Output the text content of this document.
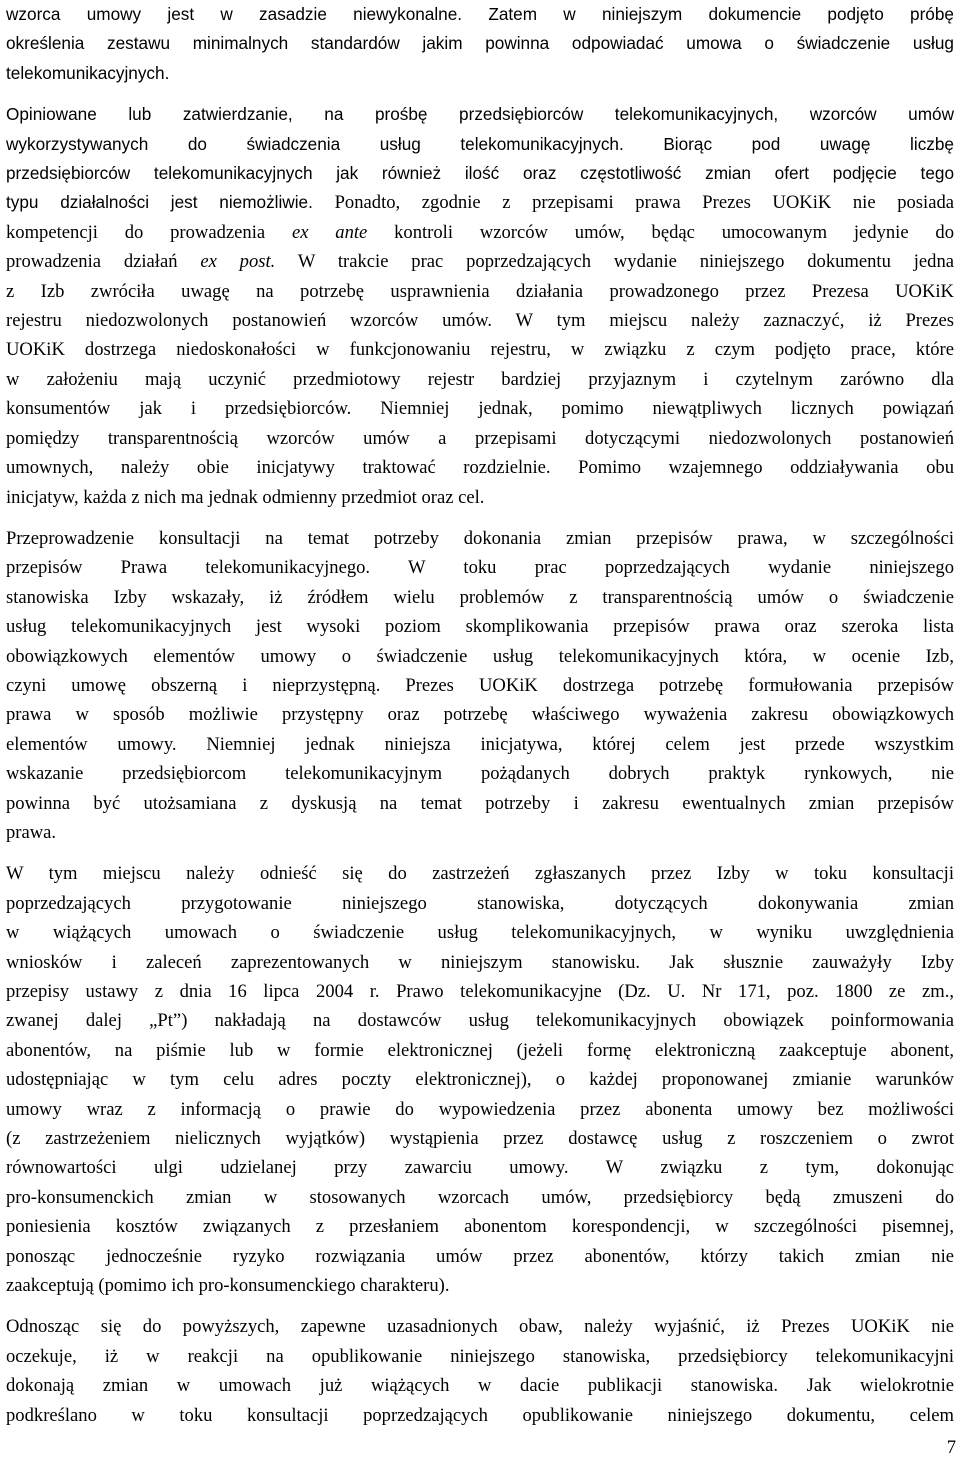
wzorca umowy jest w zasadzie niewykonalne. Zatem w niniejszym dokumencie podjęto próbę
określenia zestawu minimalnych standardów jakim powinna odpowiadać umowa o świadczenie usług
telekomunikacyjnych.
Opiniowane lub zatwierdzanie, na prośbę przedsiębiorców telekomunikacyjnych, wzorców umów
wykorzystywanych do świadczenia usług telekomunikacyjnych. Biorąc pod uwagę liczbę
przedsiębiorców telekomunikacyjnych jak również ilość oraz częstotliwość zmian ofert podjęcie tego
typu działalności jest niemożliwie. Ponadto, zgodnie z przepisami prawa Prezes UOKiK nie posiada
kompetencji do prowadzenia ex ante kontroli wzorców umów, będąc umocowanym jedynie do
prowadzenia działań ex post. W trakcie prac poprzedzających wydanie niniejszego dokumentu jedna
z Izb zwróciła uwagę na potrzebę usprawnienia działania prowadzonego przez Prezesa UOKiK
rejestru niedozwolonych postanowień wzorców umów. W tym miejscu należy zaznaczyć, iż Prezes
UOKiK dostrzega niedoskonałości w funkcjonowaniu rejestru, w związku z czym podjęto prace, które
w założeniu mają uczynić przedmiotowy rejestr bardziej przyjaznym i czytelnym zarówno dla
konsumentów jak i przedsiębiorców. Niemniej jednak, pomimo niewątpliwych licznych powiązań
pomiędzy transparentnością wzorców umów a przepisami dotyczącymi niedozwolonych postanowień
umownych, należy obie inicjatywy traktować rozdzielnie. Pomimo wzajemnego oddziaływania obu
inicjatyw, każda z nich ma jednak odmienny przedmiot oraz cel.
Przeprowadzenie konsultacji na temat potrzeby dokonania zmian przepisów prawa, w szczególności
przepisów Prawa telekomunikacyjnego. W toku prac poprzedzających wydanie niniejszego
stanowiska Izby wskazały, iż źródłem wielu problemów z transparentnością umów o świadczenie
usług telekomunikacyjnych jest wysoki poziom skomplikowania przepisów prawa oraz szeroka lista
obowiązkowych elementów umowy o świadczenie usług telekomunikacyjnych która, w ocenie Izb,
czyni umowę obszerną i nieprzystępną. Prezes UOKiK dostrzega potrzebę formułowania przepisów
prawa w sposób możliwie przystępny oraz potrzebę właściwego wyważenia zakresu obowiązkowych
elementów umowy. Niemniej jednak niniejsza inicjatywa, której celem jest przede wszystkim
wskazanie przedsiębiorcom telekomunikacyjnym pożądanych dobrych praktyk rynkowych, nie
powinna być utożsamiana z dyskusją na temat potrzeby i zakresu ewentualnych zmian przepisów
prawa.
W tym miejscu należy odnieść się do zastrzeżeń zgłaszanych przez Izby w toku konsultacji
poprzedzających przygotowanie niniejszego stanowiska, dotyczących dokonywania zmian
w wiążących umowach o świadczenie usług telekomunikacyjnych, w wyniku uwzględnienia
wniosków i zaleceń zaprezentowanych w niniejszym stanowisku. Jak słusznie zauważyły Izby
przepisy ustawy z dnia 16 lipca 2004 r. Prawo telekomunikacyjne (Dz. U. Nr 171, poz. 1800 ze zm.,
zwanej dalej „Pt”) nakładają na dostawców usług telekomunikacyjnych obowiązek poinformowania
abonentów, na piśmie lub w formie elektronicznej (jeżeli formę elektroniczną zaakceptuje abonent,
udostępniając w tym celu adres poczty elektronicznej), o każdej proponowanej zmianie warunków
umowy wraz z informacją o prawie do wypowiedzenia przez abonenta umowy bez możliwości
(z zastrzeżeniem nielicznych wyjątków) wystąpienia przez dostawcę usług z roszczeniem o zwrot
równowartości ulgi udzielanej przy zawarciu umowy. W związku z tym, dokonując
pro-konsumenckich zmian w stosowanych wzorcach umów, przedsiębiorcy będą zmuszeni do
poniesienia kosztów związanych z przesłaniem abonentom korespondencji, w szczególności pisemnej,
ponosząc jednocześnie ryzyko rozwiązania umów przez abonentów, którzy takich zmian nie
zaakceptują (pomimo ich pro-konsumenckiego charakteru).
Odnosząc się do powyższych, zapewne uzasadnionych obaw, należy wyjaśnić, iż Prezes UOKiK nie
oczekuje, iż w reakcji na opublikowanie niniejszego stanowiska, przedsiębiorcy telekomunikacyjni
dokonają zmian w umowach już wiążących w dacie publikacji stanowiska. Jak wielokrotnie
podkreślano w toku konsultacji poprzedzających opublikowanie niniejszego dokumentu, celem
7
